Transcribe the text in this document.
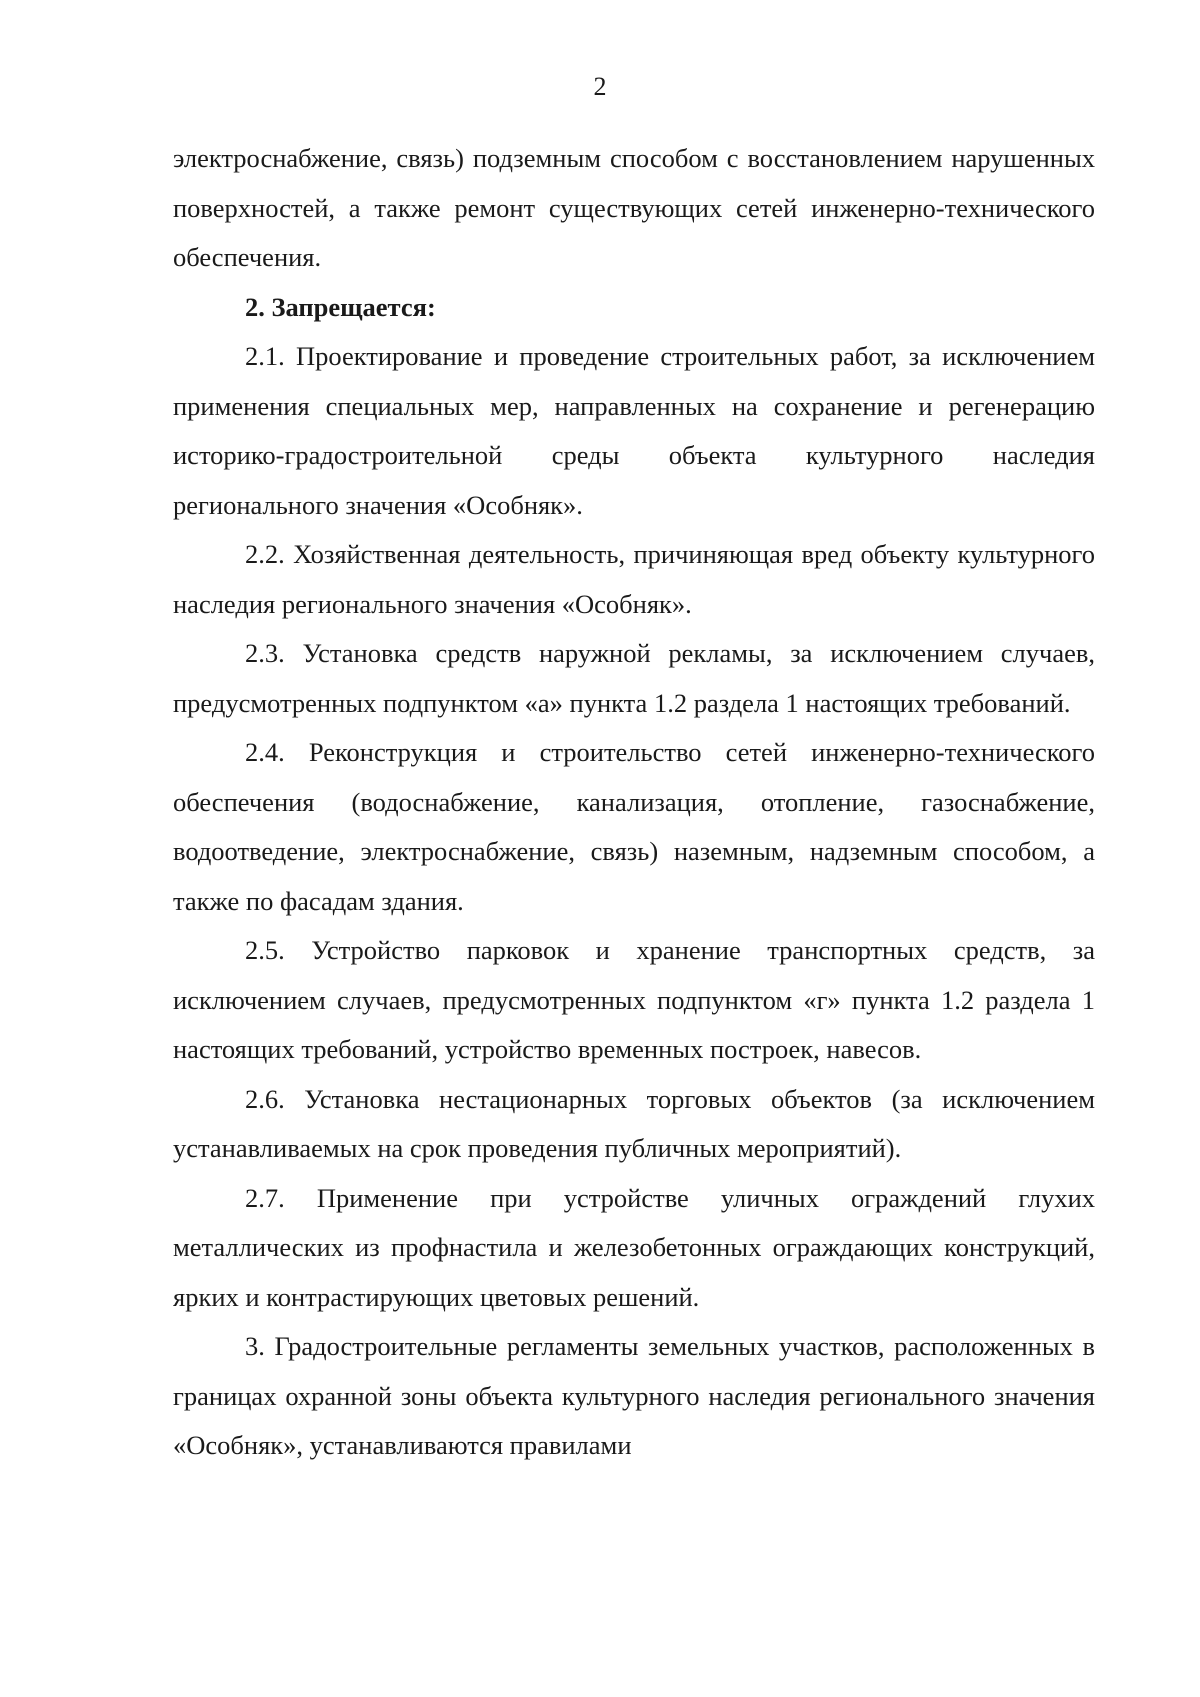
2

электроснабжение, связь) подземным способом с восстановлением нарушенных поверхностей, а также ремонт существующих сетей инженерно-технического обеспечения.

2. Запрещается:

2.1. Проектирование и проведение строительных работ, за исключением применения специальных мер, направленных на сохранение и регенерацию историко-градостроительной среды объекта культурного наследия регионального значения «Особняк».

2.2. Хозяйственная деятельность, причиняющая вред объекту культурного наследия регионального значения «Особняк».

2.3. Установка средств наружной рекламы, за исключением случаев, предусмотренных подпунктом «а» пункта 1.2 раздела 1 настоящих требований.

2.4. Реконструкция и строительство сетей инженерно-технического обеспечения (водоснабжение, канализация, отопление, газоснабжение, водоотведение, электроснабжение, связь) наземным, надземным способом, а также по фасадам здания.

2.5. Устройство парковок и хранение транспортных средств, за исключением случаев, предусмотренных подпунктом «г» пункта 1.2 раздела 1 настоящих требований, устройство временных построек, навесов.

2.6. Установка нестационарных торговых объектов (за исключением устанавливаемых на срок проведения публичных мероприятий).

2.7. Применение при устройстве уличных ограждений глухих металлических из профнастила и железобетонных ограждающих конструкций, ярких и контрастирующих цветовых решений.

3. Градостроительные регламенты земельных участков, расположенных в границах охранной зоны объекта культурного наследия регионального значения «Особняк», устанавливаются правилами
